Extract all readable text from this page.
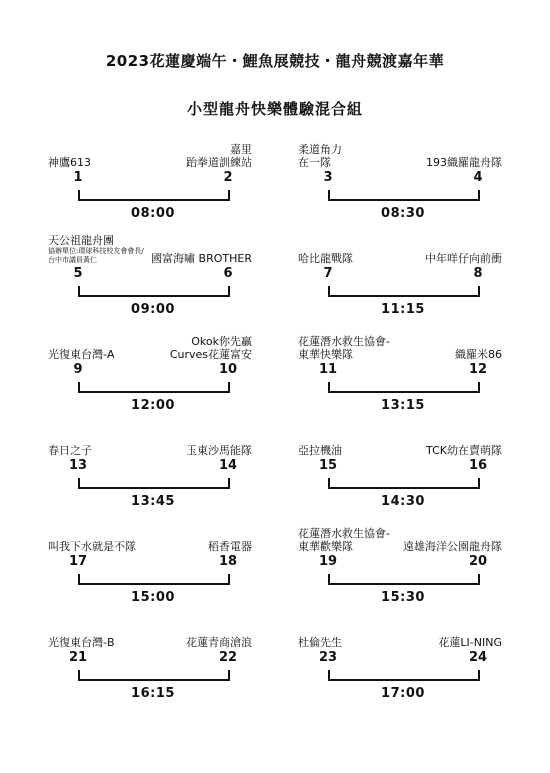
2023花蓮慶端午・鯉魚展競技・龍舟競渡嘉年華
小型龍舟快樂體驗混合組
1
神鷹613
2
嘉里
跆拳道訓練站
08:00
3
柔道角力
在一隊
4
193織羅龍舟隊
08:30
5
天公祖龍舟團
協辦單位:環球科技校友會會長/
台中市議員黃仁
6
國富海嘯 BROTHER
09:00
7
哈比龍戰隊
8
中年咩仔向前衝
11:15
9
光復東台灣-A
10
Okok你先贏
Curves花蓮富安
12:00
11
花蓮潛水救生協會-
東華快樂隊
12
織羅米86
13:15
13
春日之子
14
玉東沙馬能隊
13:45
15
亞拉機油
16
TCK幼在賣萌隊
14:30
17
叫我下水就是不隊
18
稻香電器
15:00
19
花蓮潛水救生協會-
東華歡樂隊
20
遠雄海洋公園龍舟隊
15:30
21
光復東台灣-B
22
花蓮青商滄浪
16:15
23
杜倫先生
24
花蓮LI-NING
17:00
